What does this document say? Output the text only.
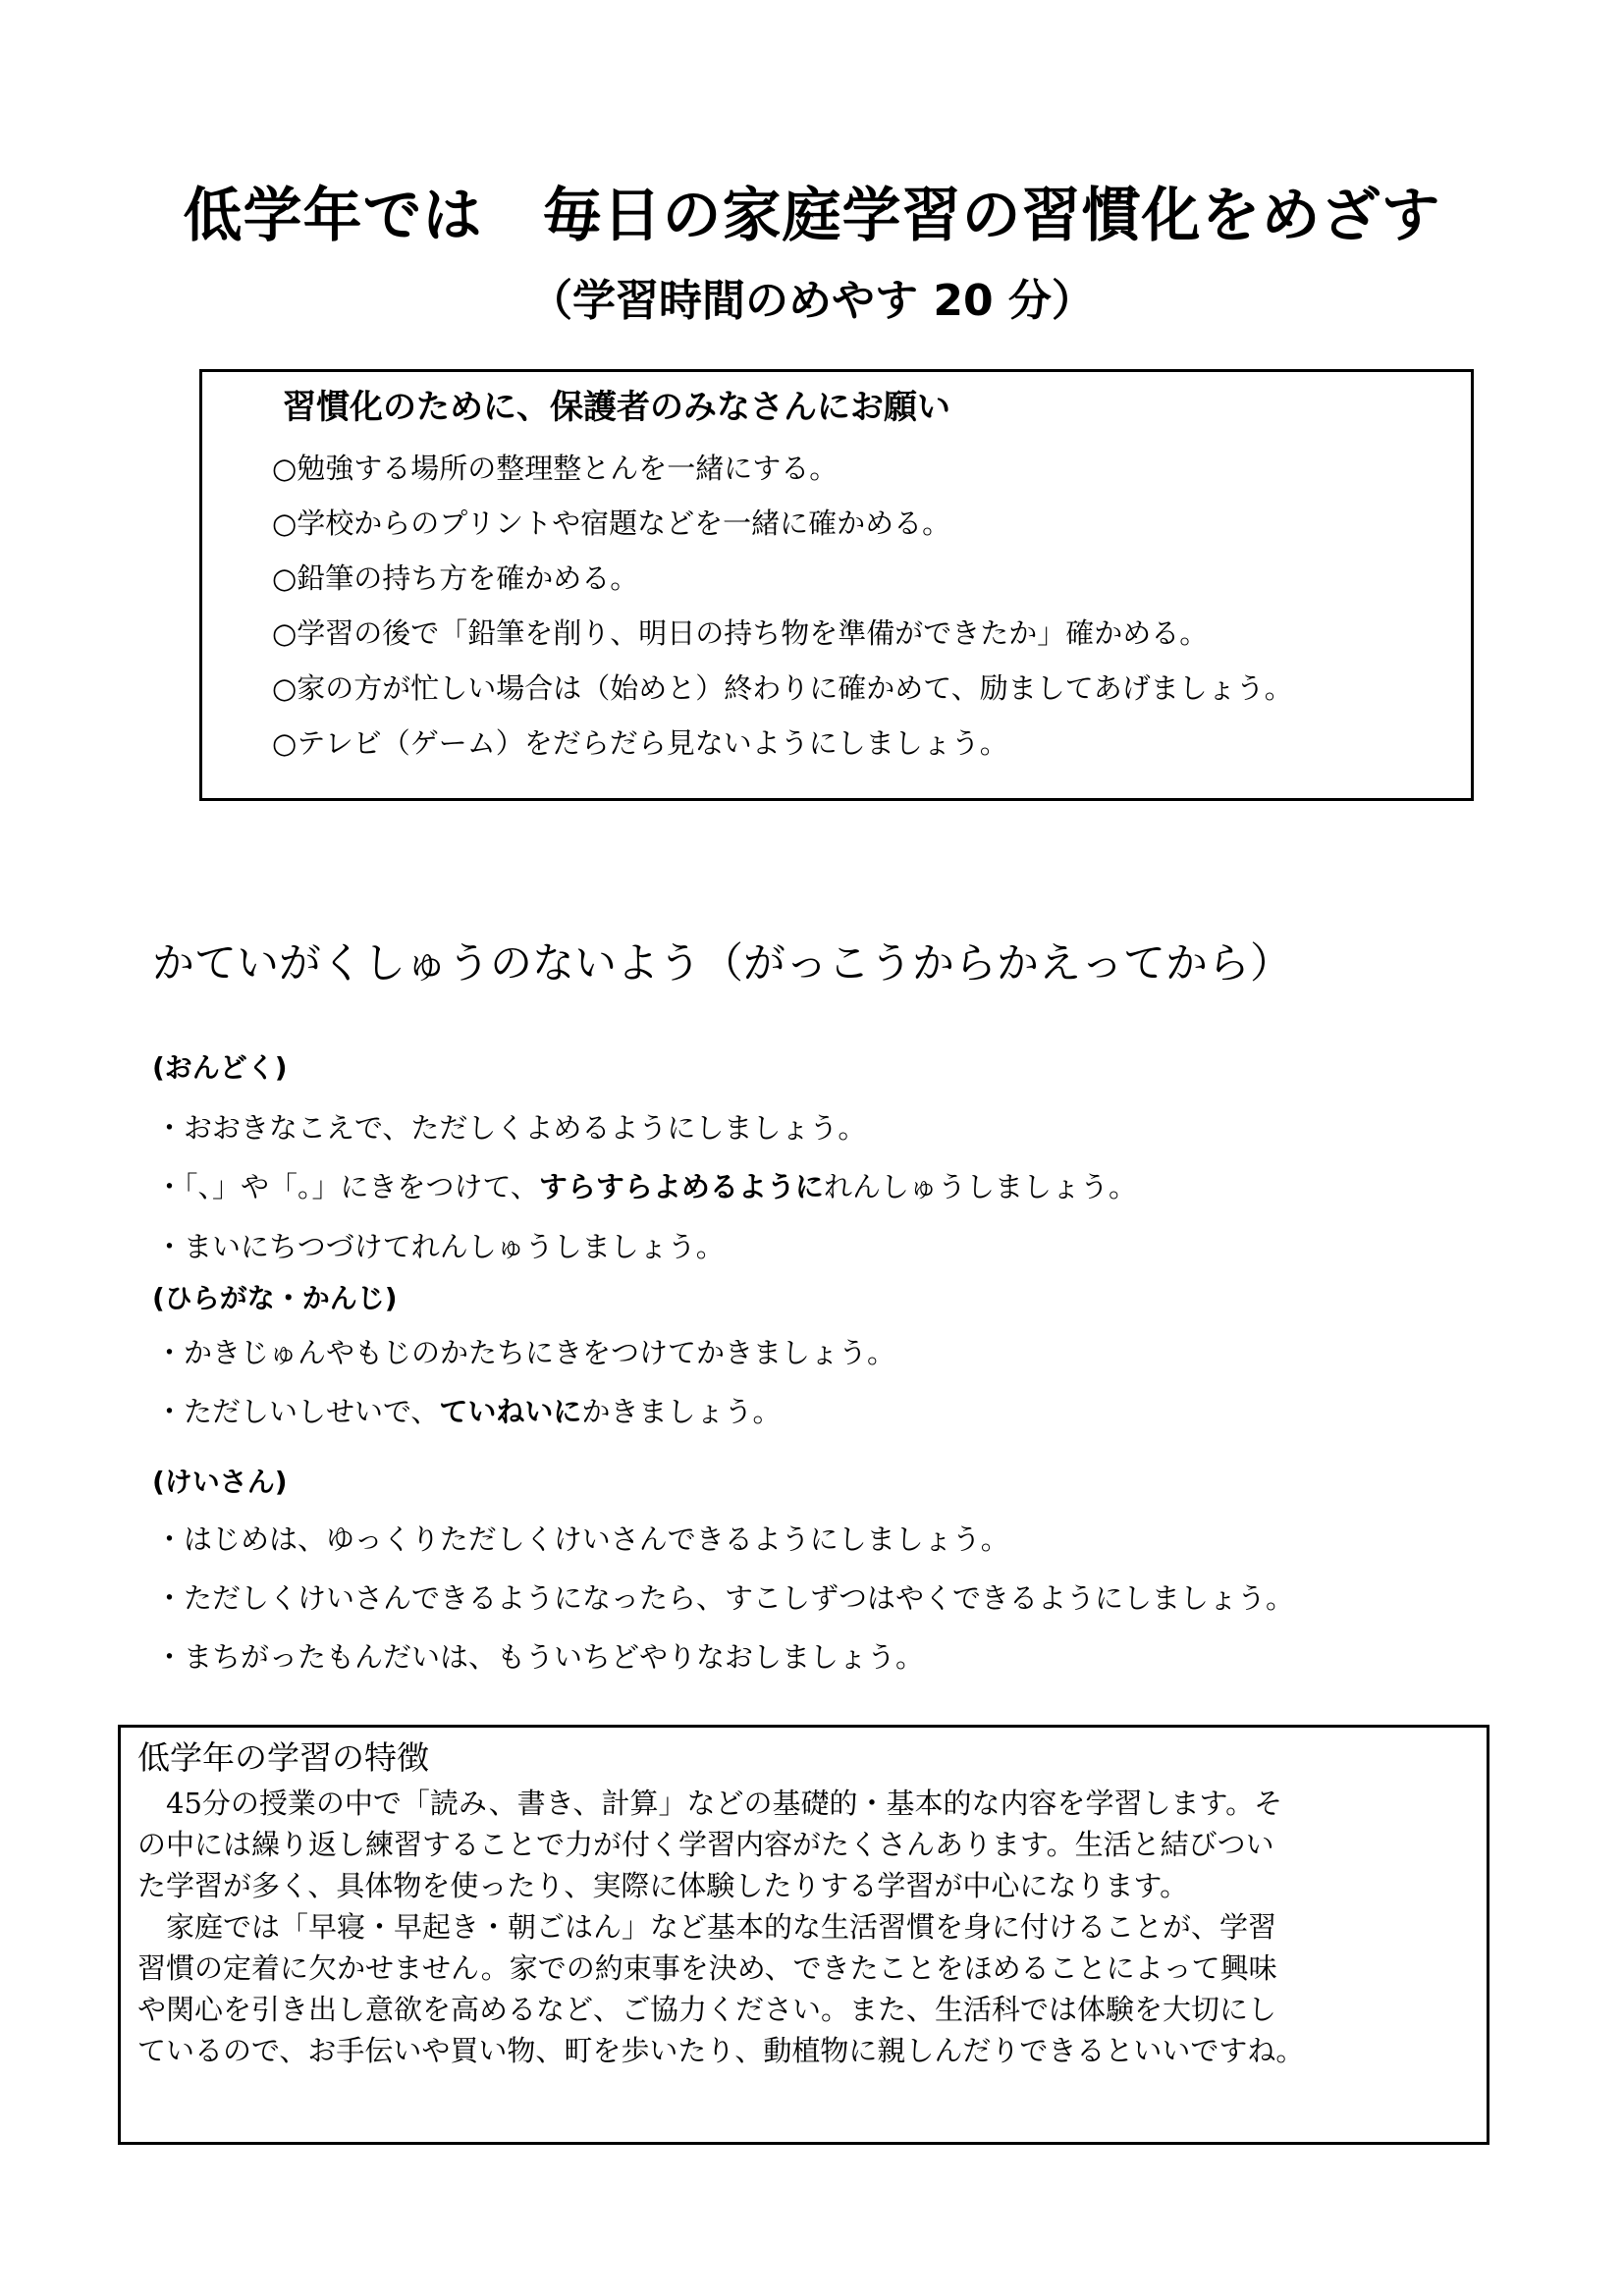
低学年では　毎日の家庭学習の習慣化をめざす
（学習時間のめやす 20 分）
習慣化のために、保護者のみなさんにお願い
○勉強する場所の整理整とんを一緒にする。
○学校からのプリントや宿題などを一緒に確かめる。
○鉛筆の持ち方を確かめる。
○学習の後で「鉛筆を削り、明日の持ち物を準備ができたか」確かめる。
○家の方が忙しい場合は（始めと）終わりに確かめて、励ましてあげましょう。
○テレビ（ゲーム）をだらだら見ないようにしましょう。
かていがくしゅうのないよう（がっこうからかえってから）
(おんどく)
・おおきなこえで、ただしくよめるようにしましょう。
・「、」や「。」にきをつけて、すらすらよめるようにれんしゅうしましょう。
・まいにちつづけてれんしゅうしましょう。
(ひらがな・かんじ)
・かきじゅんやもじのかたちにきをつけてかきましょう。
・ただしいしせいで、ていねいにかきましょう。
(けいさん)
・はじめは、ゆっくりただしくけいさんできるようにしましょう。
・ただしくけいさんできるようになったら、すこしずつはやくできるようにしましょう。
・まちがったもんだいは、もういちどやりなおしましょう。
低学年の学習の特徴
　45分の授業の中で「読み、書き、計算」などの基礎的・基本的な内容を学習します。そ
の中には繰り返し練習することで力が付く学習内容がたくさんあります。生活と結びつい
た学習が多く、具体物を使ったり、実際に体験したりする学習が中心になります。
　家庭では「早寝・早起き・朝ごはん」など基本的な生活習慣を身に付けることが、学習
習慣の定着に欠かせません。家での約束事を決め、できたことをほめることによって興味
や関心を引き出し意欲を高めるなど、ご協力ください。また、生活科では体験を大切にし
ているので、お手伝いや買い物、町を歩いたり、動植物に親しんだりできるといいですね。
